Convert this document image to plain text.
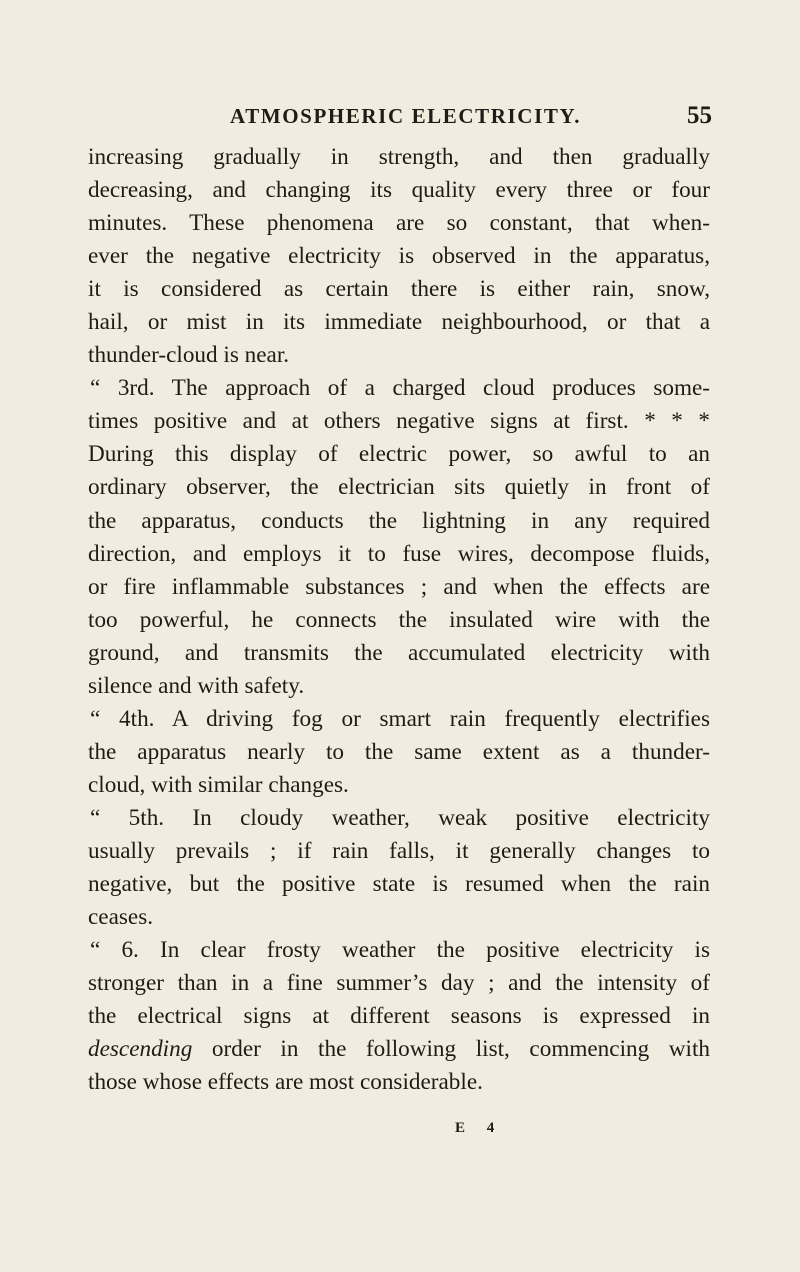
ATMOSPHERIC ELECTRICITY.	55
increasing gradually in strength, and then gradually
decreasing, and changing its quality every three or four
minutes. These phenomena are so constant, that when-
ever the negative electricity is observed in the apparatus,
it is considered as certain there is either rain, snow,
hail, or mist in its immediate neighbourhood, or that a
thunder-cloud is near.
“ 3rd. The approach of a charged cloud produces some-
times positive and at others negative signs at first. * * *
During this display of electric power, so awful to an
ordinary observer, the electrician sits quietly in front of
the apparatus, conducts the lightning in any required
direction, and employs it to fuse wires, decompose fluids,
or fire inflammable substances ; and when the effects are
too powerful, he connects the insulated wire with the
ground, and transmits the accumulated electricity with
silence and with safety.
“ 4th. A driving fog or smart rain frequently electrifies
the apparatus nearly to the same extent as a thunder-
cloud, with similar changes.
“ 5th. In cloudy weather, weak positive electricity
usually prevails ; if rain falls, it generally changes to
negative, but the positive state is resumed when the rain
ceases.
“ 6. In clear frosty weather the positive electricity is
stronger than in a fine summer’s day ; and the intensity of
the electrical signs at different seasons is expressed in
descending order in the following list, commencing with
those whose effects are most considerable.
E 4
